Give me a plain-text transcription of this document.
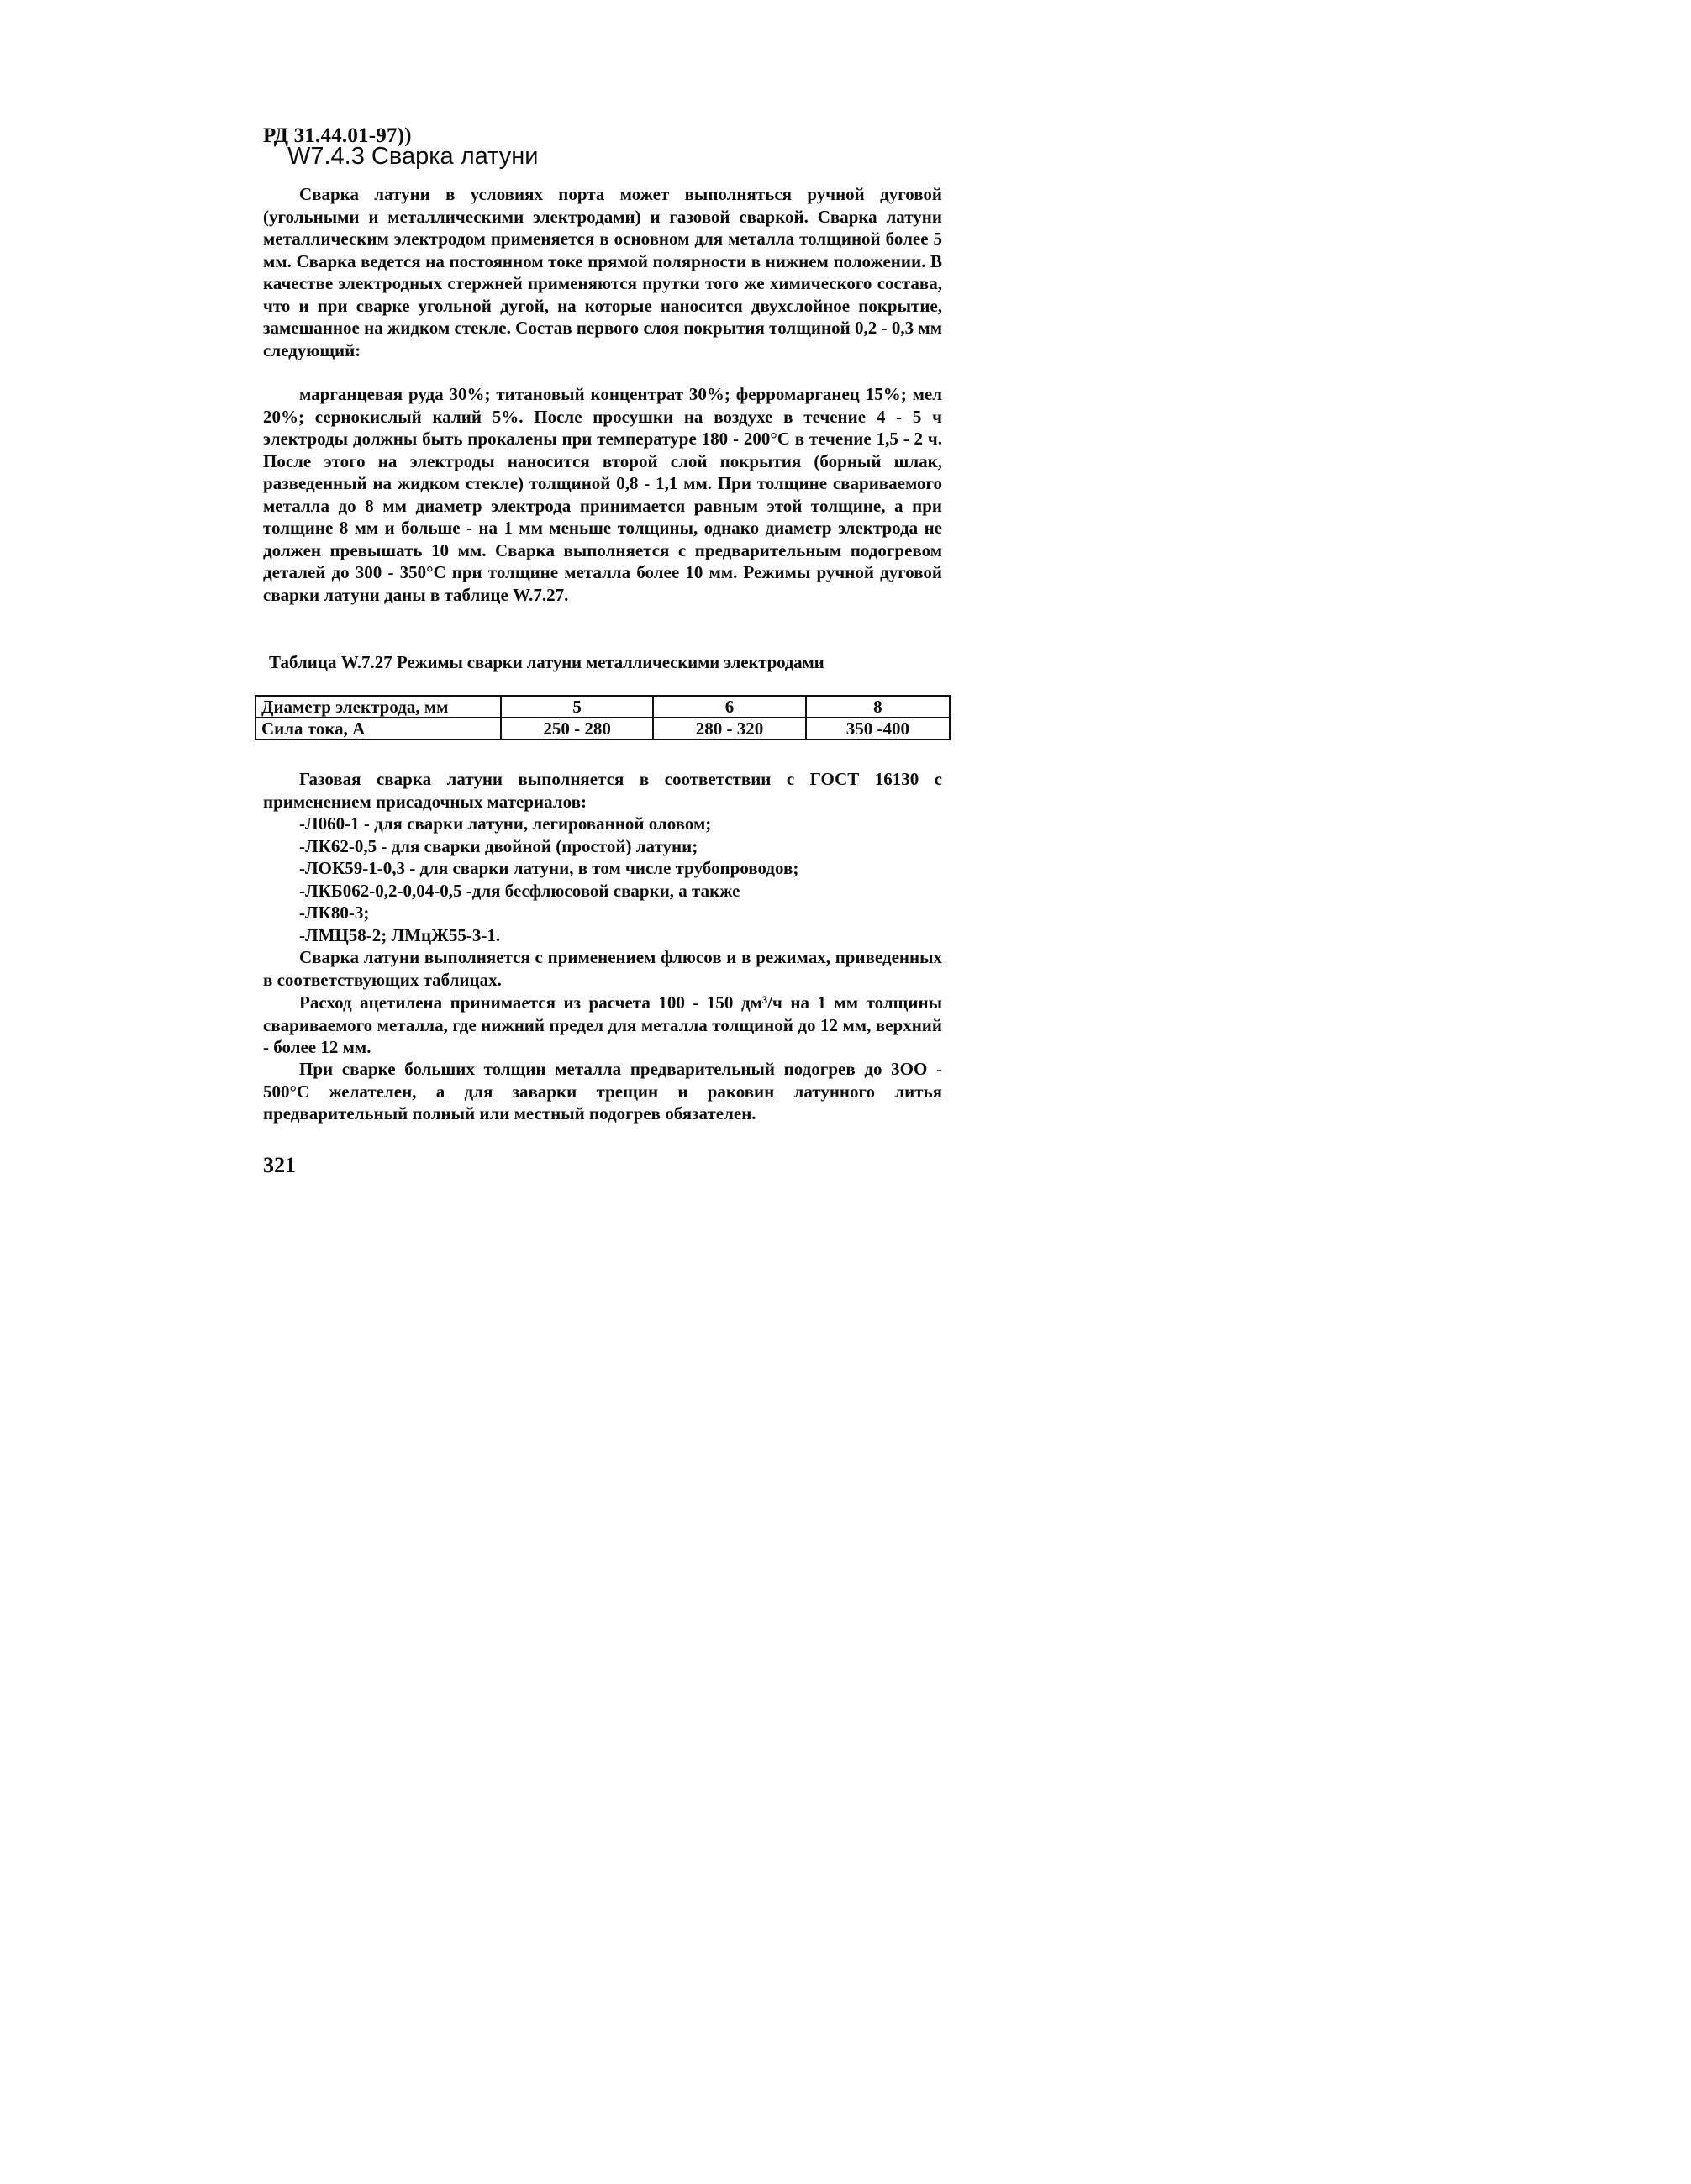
РД 31.44.01-97))
W7.4.3 Сварка латуни

Сварка латуни в условиях порта может выполняться ручной дуговой (угольными и металлическими электродами) и газовой сваркой. Сварка латуни металлическим электродом применяется в основном для металла толщиной более 5 мм. Сварка ведется на постоянном токе прямой полярности в нижнем положении. В качестве электродных стержней применяются прутки того же химического состава, что и при сварке угольной дугой, на которые наносится двухслойное покрытие, замешанное на жидком стекле. Состав первого слоя покрытия толщиной 0,2 - 0,3 мм следующий:

марганцевая руда 30%; титановый концентрат 30%; ферромарганец 15%; мел 20%; сернокислый калий 5%. После просушки на воздухе в течение 4 - 5 ч электроды должны быть прокалены при температуре 180 - 200°С в течение 1,5 - 2 ч. После этого на электроды наносится второй слой покрытия (борный шлак, разведенный на жидком стекле) толщиной 0,8 - 1,1 мм. При толщине свариваемого металла до 8 мм диаметр электрода принимается равным этой толщине, а при толщине 8 мм и больше - на 1 мм меньше толщины, однако диаметр электрода не должен превышать 10 мм. Сварка выполняется с предварительным подогревом деталей до 300 - 350°С при толщине металла более 10 мм. Режимы ручной дуговой сварки латуни даны в таблице W.7.27.

Таблица W.7.27 Режимы сварки латуни металлическими электродами
Диаметр электрода, мм	5	6	8
Сила тока, А	250 - 280	280 - 320	350 -400

Газовая сварка латуни выполняется в соответствии с ГОСТ 16130 с применением присадочных материалов:

-Л060-1 - для сварки латуни, легированной оловом;
-ЛК62-0,5 - для сварки двойной (простой) латуни;
-ЛОК59-1-0,3 - для сварки латуни, в том числе трубопроводов;
-ЛКБ062-0,2-0,04-0,5 -для бесфлюсовой сварки, а также
-ЛК80-3;
-ЛМЦ58-2; ЛМцЖ55-3-1.

Сварка латуни выполняется с применением флюсов и в режимах, приведенных в соответствующих таблицах.

Расход ацетилена принимается из расчета 100 - 150 дм³/ч на 1 мм толщины свариваемого металла, где нижний предел для металла толщиной до 12 мм, верхний - более 12 мм.

При сварке больших толщин металла предварительный подогрев до 3ОО - 500°С желателен, а для заварки трещин и раковин латунного литья предварительный полный или местный подогрев обязателен.

321
